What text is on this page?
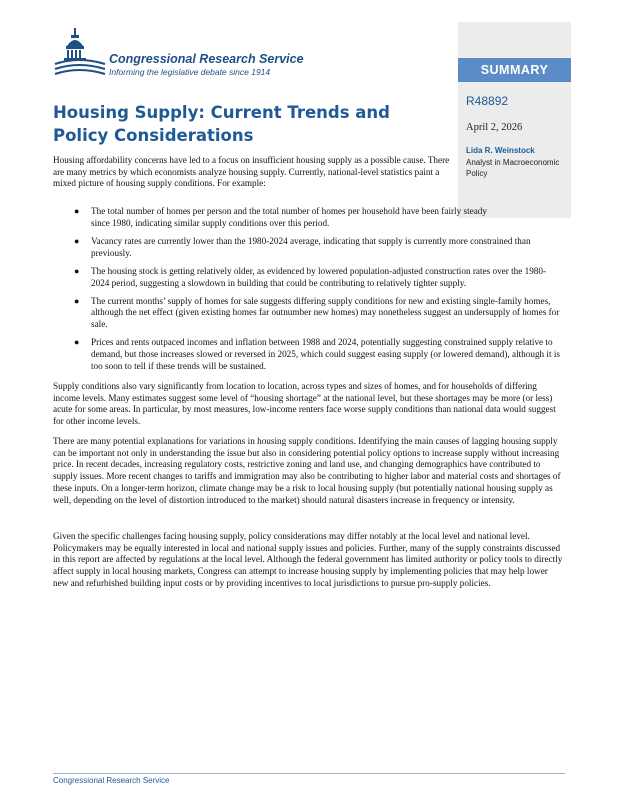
SUMMARY
R48892
April 2, 2026
Lida R. Weinstock
Analyst in Macroeconomic Policy
Congressional Research Service
Informing the legislative debate since 1914
Housing Supply: Current Trends and Policy Considerations
Housing affordability concerns have led to a focus on insufficient housing supply as a possible cause. There are many metrics by which economists analyze housing supply. Currently, national-level statistics paint a mixed picture of housing supply conditions. For example:
● The total number of homes per person and the total number of homes per household have been fairly steady since 1980, indicating similar supply conditions over this period.
● Vacancy rates are currently lower than the 1980-2024 average, indicating that supply is currently more constrained than previously.
● The housing stock is getting relatively older, as evidenced by lowered population-adjusted construction rates over the 1980-2024 period, suggesting a slowdown in building that could be contributing to relatively tighter supply.
● The current months’ supply of homes for sale suggests differing supply conditions for new and existing single-family homes, although the net effect (given existing homes far outnumber new homes) may nonetheless suggest an undersupply of homes for sale.
● Prices and rents outpaced incomes and inflation between 1988 and 2024, potentially suggesting constrained supply relative to demand, but those increases slowed or reversed in 2025, which could suggest easing supply (or lowered demand), although it is too soon to tell if these trends will be sustained.
Supply conditions also vary significantly from location to location, across types and sizes of homes, and for households of differing income levels. Many estimates suggest some level of “housing shortage” at the national level, but these shortages may be more (or less) acute for some areas. In particular, by most measures, low-income renters face worse supply conditions than national data would suggest for other income levels.
There are many potential explanations for variations in housing supply conditions. Identifying the main causes of lagging housing supply can be important not only in understanding the issue but also in considering potential policy options to increase supply without increasing price. In recent decades, increasing regulatory costs, restrictive zoning and land use, and changing demographics have contributed to supply issues. More recent changes to tariffs and immigration may also be contributing to higher labor and material costs and shortages of these inputs. On a longer-term horizon, climate change may be a risk to local housing supply (but potentially national housing supply as well, depending on the level of distortion introduced to the market) should natural disasters increase in frequency or intensity.
Given the specific challenges facing housing supply, policy considerations may differ notably at the local level and national level. Policymakers may be equally interested in local and national supply issues and policies. Further, many of the supply constraints discussed in this report are affected by regulations at the local level. Although the federal government has limited authority or policy tools to directly affect supply in local housing markets, Congress can attempt to increase housing supply by implementing policies that may help lower new and refurbished building input costs or by providing incentives to local jurisdictions to pursue pro-supply policies.
Congressional Research Service
